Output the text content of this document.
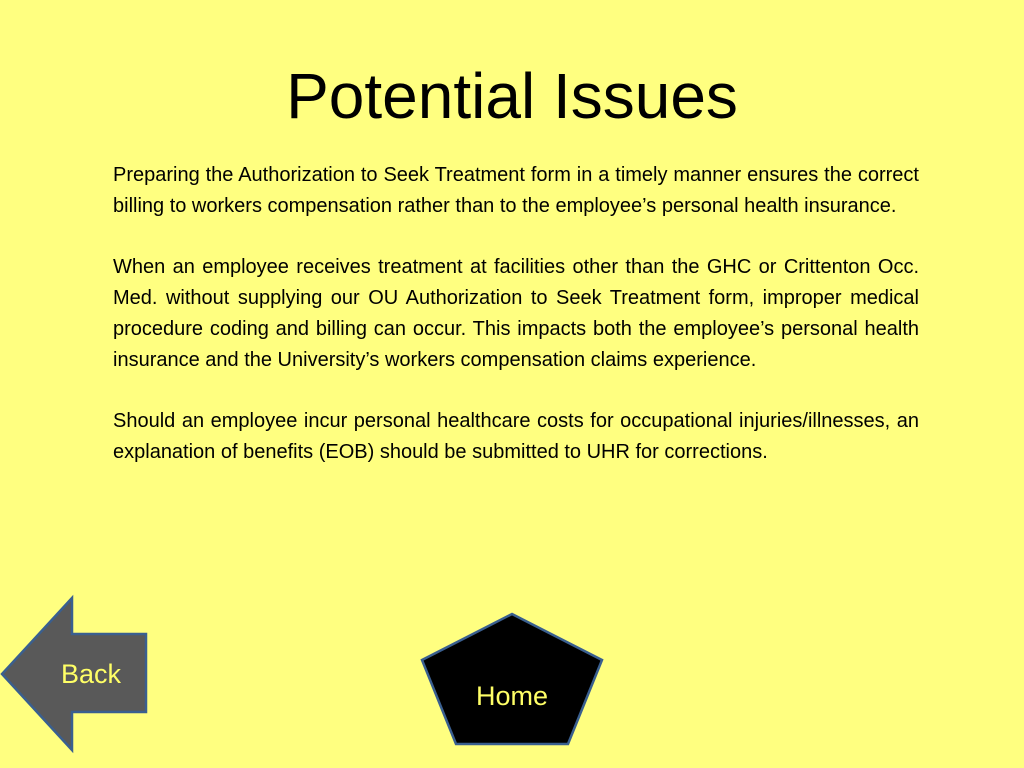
Potential Issues

Preparing the Authorization to Seek Treatment form in a timely manner ensures the correct billing to workers compensation rather than to the employee’s personal health insurance.

When an employee receives treatment at facilities other than the GHC or Crittenton Occ. Med. without supplying our OU Authorization to Seek Treatment form, improper medical procedure coding and billing can occur. This impacts both the employee’s personal health insurance and the University’s workers compensation claims experience.

Should an employee incur personal healthcare costs for occupational injuries/illnesses, an explanation of benefits (EOB) should be submitted to UHR for corrections.

Back
Home
